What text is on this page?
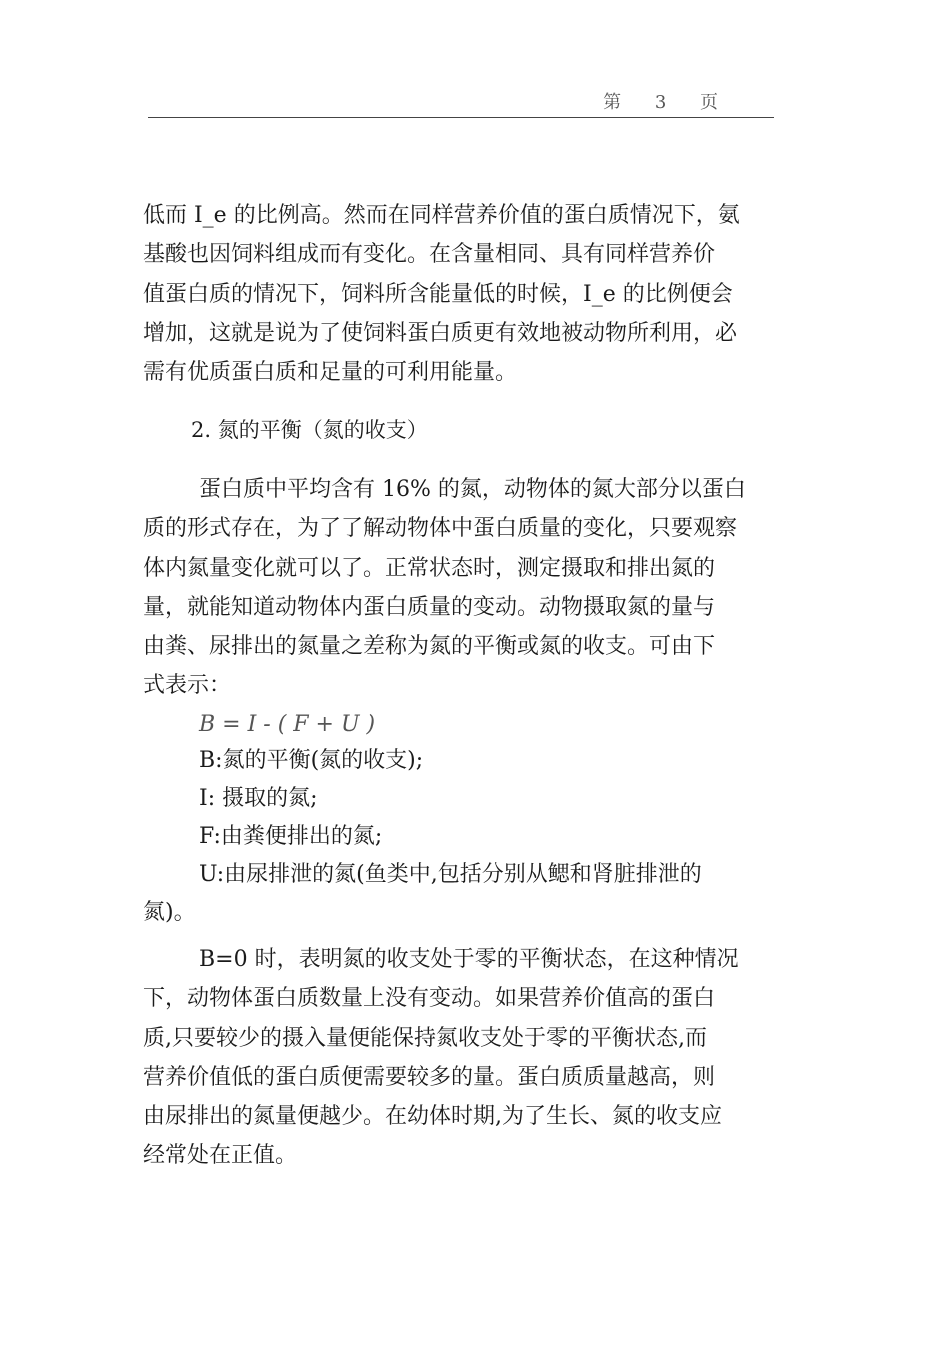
第 3 页
低而 I_e 的比例高。然而在同样营养价值的蛋白质情况下，氨
基酸也因饲料组成而有变化。在含量相同、具有同样营养价
值蛋白质的情况下，饲料所含能量低的时候，I_e 的比例便会
增加，这就是说为了使饲料蛋白质更有效地被动物所利用，必
需有优质蛋白质和足量的可利用能量。
2. 氮的平衡（氮的收支）
蛋白质中平均含有 16% 的氮，动物体的氮大部分以蛋白
质的形式存在，为了了解动物体中蛋白质量的变化，只要观察
体内氮量变化就可以了。正常状态时，测定摄取和排出氮的
量，就能知道动物体内蛋白质量的变动。动物摄取氮的量与
由粪、尿排出的氮量之差称为氮的平衡或氮的收支。可由下
式表示：
B = I - ( F + U )
B:氮的平衡(氮的收支);
I: 摄取的氮;
F:由粪便排出的氮;
U:由尿排泄的氮(鱼类中,包括分别从鳃和肾脏排泄的
氮)。
B=0 时，表明氮的收支处于零的平衡状态，在这种情况
下，动物体蛋白质数量上没有变动。如果营养价值高的蛋白
质,只要较少的摄入量便能保持氮收支处于零的平衡状态,而
营养价值低的蛋白质便需要较多的量。蛋白质质量越高，则
由尿排出的氮量便越少。在幼体时期,为了生长、氮的收支应
经常处在正值。
